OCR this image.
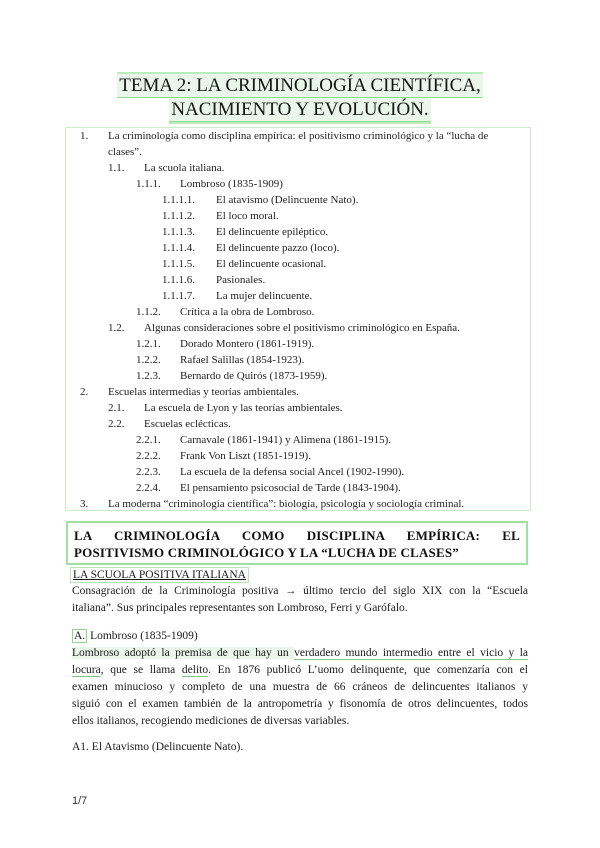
TEMA 2: LA CRIMINOLOGÍA CIENTÍFICA,
NACIMIENTO Y EVOLUCIÓN.
1. La criminología como disciplina empírica: el positivismo criminológico y la “lucha de
clases”.
1.1. La scuola italiana.
1.1.1. Lombroso (1835-1909)
1.1.1.1. El atavismo (Delincuente Nato).
1.1.1.2. El loco moral.
1.1.1.3. El delincuente epiléptico.
1.1.1.4. El delincuente pazzo (loco).
1.1.1.5. El delincuente ocasional.
1.1.1.6. Pasionales.
1.1.1.7. La mujer delincuente.
1.1.2. Crítica a la obra de Lombroso.
1.2. Algunas consideraciones sobre el positivismo criminológico en España.
1.2.1. Dorado Montero (1861-1919).
1.2.2. Rafael Salillas (1854-1923).
1.2.3. Bernardo de Quirós (1873-1959).
2. Escuelas intermedias y teorías ambientales.
2.1. La escuela de Lyon y las teorías ambientales.
2.2. Escuelas eclécticas.
2.2.1. Carnavale (1861-1941) y Alimena (1861-1915).
2.2.2. Frank Von Liszt (1851-1919).
2.2.3. La escuela de la defensa social Ancel (1902-1990).
2.2.4. El pensamiento psicosocial de Tarde (1843-1904).
3. La moderna “criminología científica”: biología, psicología y sociología criminal.
LA CRIMINOLOGÍA COMO DISCIPLINA EMPÍRICA: EL
POSITIVISMO CRIMINOLÓGICO Y LA “LUCHA DE CLASES”
LA SCUOLA POSITIVA ITALIANA
Consagración de la Criminología positiva → último tercio del siglo XIX con la “Escuela
italiana”. Sus principales representantes son Lombroso, Ferri y Garófalo.
A. Lombroso (1835-1909)
Lombroso adoptó la premisa de que hay un verdadero mundo intermedio entre el vicio y la
locura, que se llama delito. En 1876 publicó L’uomo delinquente, que comenzaría con el
examen minucioso y completo de una muestra de 66 cráneos de delincuentes italianos y
siguió con el examen también de la antropometría y fisonomía de otros delincuentes, todos
ellos italianos, recogiendo mediciones de diversas variables.
A1. El Atavismo (Delincuente Nato).
1/7
